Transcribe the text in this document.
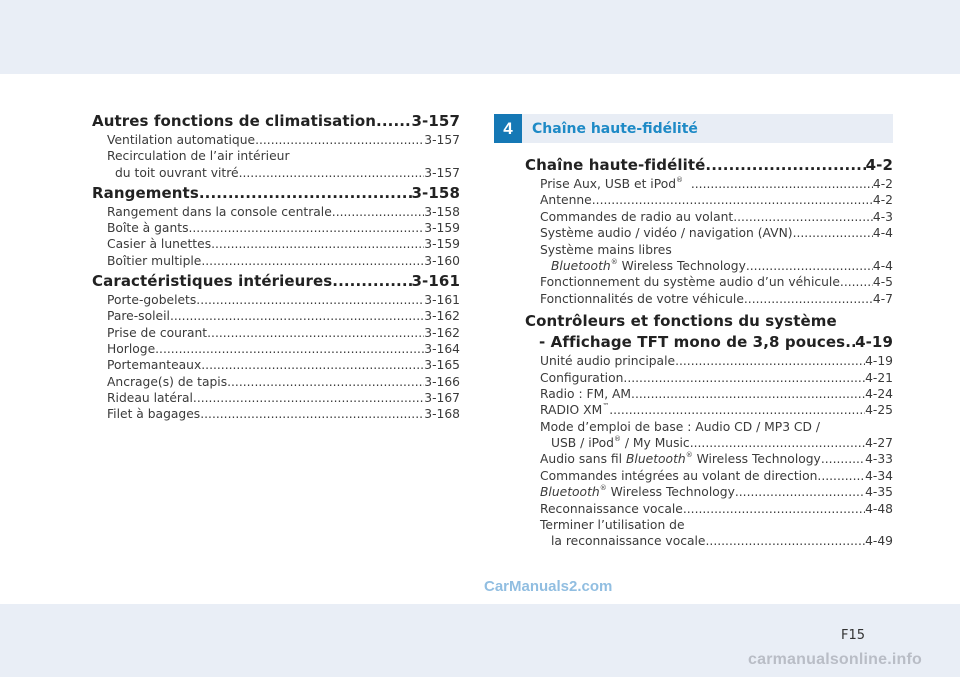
Autres fonctions de climatisation ..... 3-157
Ventilation automatique .....	3-157
Recirculation de l’air intérieur
du toit ouvrant vitré .....	3-157
Rangements .....	3-158
Rangement dans la console centrale .....	3-158
Boîte à gants .....	3-159
Casier à lunettes .....	3-159
Boîtier multiple .....	3-160
Caractéristiques intérieures .....	3-161
Porte-gobelets .....	3-161
Pare-soleil .....	3-162
Prise de courant .....	3-162
Horloge .....	3-164
Portemanteaux .....	3-165
Ancrage(s) de tapis .....	3-166
Rideau latéral .....	3-167
Filet à bagages .....	3-168
4	Chaîne haute-fidélité
Chaîne haute-fidélité .....	4-2
Prise Aux, USB et iPod® .....	4-2
Antenne .....	4-2
Commandes de radio au volant .....	4-3
Système audio / vidéo / navigation (AVN) .....	4-4
Système mains libres
Bluetooth® Wireless Technology .....	4-4
Fonctionnement du système audio d’un véhicule .....	4-5
Fonctionnalités de votre véhicule .....	4-7
Contrôleurs et fonctions du système
- Affichage TFT mono de 3,8 pouces ..... 4-19
Unité audio principale .....	4-19
Configuration .....	4-21
Radio : FM, AM .....	4-24
RADIO XM™ .....	4-25
Mode d’emploi de base : Audio CD / MP3 CD /
USB / iPod® / My Music .....	4-27
Audio sans fil Bluetooth® Wireless Technology .....	4-33
Commandes intégrées au volant de direction .....	4-34
Bluetooth® Wireless Technology .....	4-35
Reconnaissance vocale .....	4-48
Terminer l’utilisation de
la reconnaissance vocale .....	4-49
CarManuals2.com
F15
carmanualsonline.info
